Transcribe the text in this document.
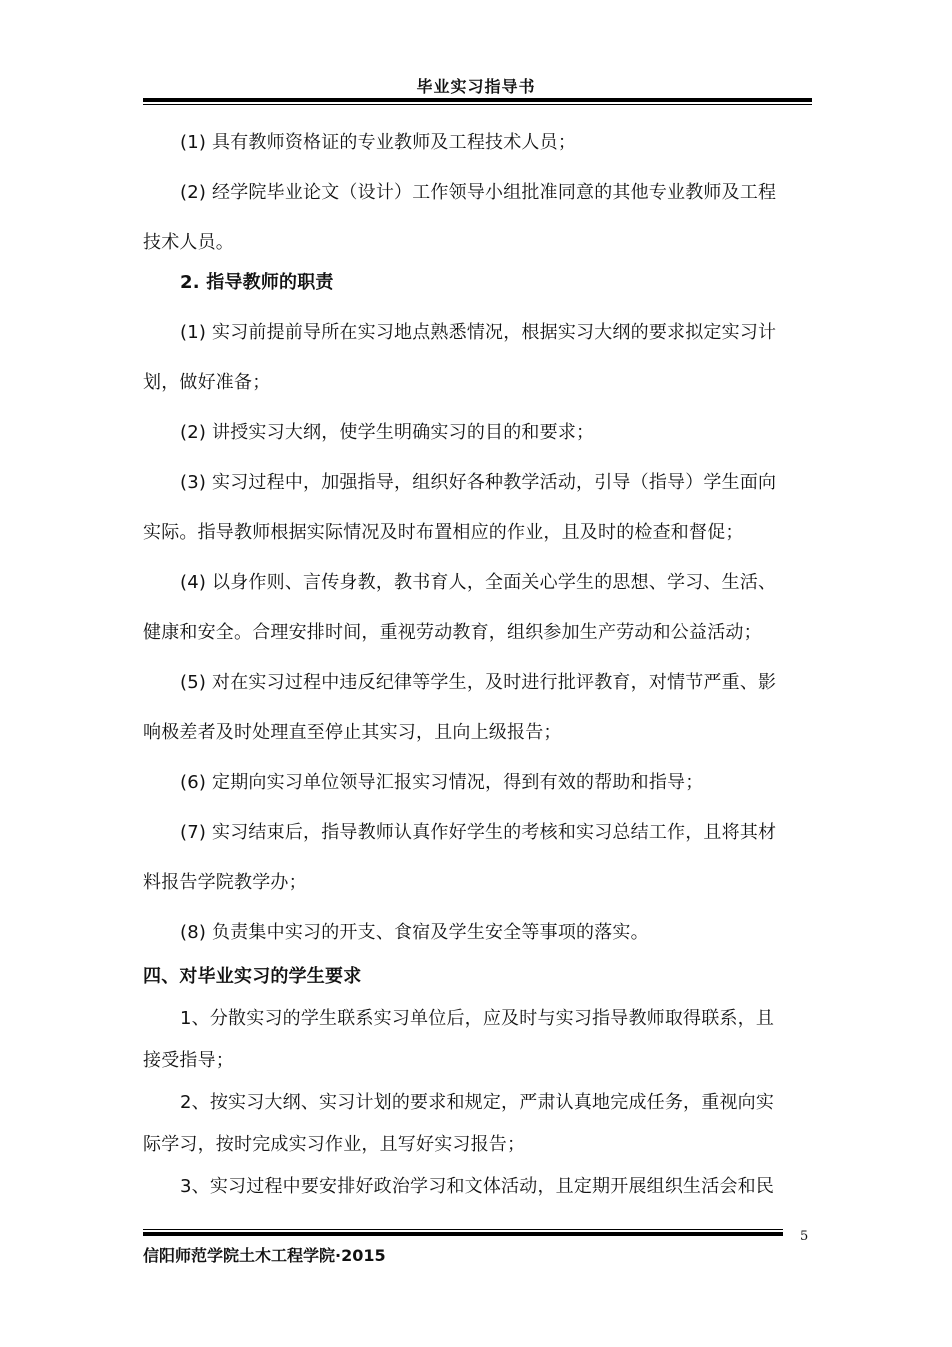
毕业实习指导书
(1) 具有教师资格证的专业教师及工程技术人员；
(2) 经学院毕业论文（设计）工作领导小组批准同意的其他专业教师及工程
技术人员。
2. 指导教师的职责
(1) 实习前提前导所在实习地点熟悉情况，根据实习大纲的要求拟定实习计
划，做好准备；
(2) 讲授实习大纲，使学生明确实习的目的和要求；
(3) 实习过程中，加强指导，组织好各种教学活动，引导（指导）学生面向
实际。指导教师根据实际情况及时布置相应的作业，且及时的检查和督促；
(4) 以身作则、言传身教，教书育人，全面关心学生的思想、学习、生活、
健康和安全。合理安排时间，重视劳动教育，组织参加生产劳动和公益活动；
(5) 对在实习过程中违反纪律等学生，及时进行批评教育，对情节严重、影
响极差者及时处理直至停止其实习，且向上级报告；
(6) 定期向实习单位领导汇报实习情况，得到有效的帮助和指导；
(7) 实习结束后，指导教师认真作好学生的考核和实习总结工作，且将其材
料报告学院教学办；
(8) 负责集中实习的开支、食宿及学生安全等事项的落实。
四、对毕业实习的学生要求
1、分散实习的学生联系实习单位后，应及时与实习指导教师取得联系，且
接受指导；
2、按实习大纲、实习计划的要求和规定，严肃认真地完成任务，重视向实
际学习，按时完成实习作业，且写好实习报告；
3、实习过程中要安排好政治学习和文体活动，且定期开展组织生活会和民
信阳师范学院土木工程学院·2015
5
